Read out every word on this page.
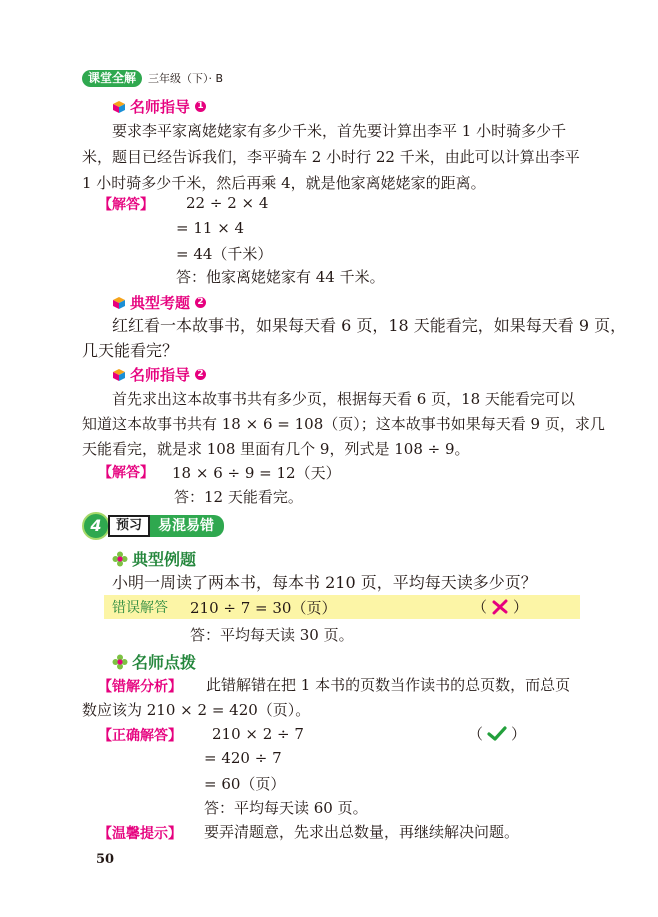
课堂全解	三年级（下）· B
名师指导 1
要求李平家离姥姥家有多少千米，首先要计算出李平 1 小时骑多少千
米，题目已经告诉我们，李平骑车 2 小时行 22 千米，由此可以计算出李平
1 小时骑多少千米，然后再乘 4，就是他家离姥姥家的距离。
【解答】 22 ÷ 2 × 4
= 11 × 4
= 44（千米）
答：他家离姥姥家有 44 千米。
典型考题 2
红红看一本故事书，如果每天看 6 页，18 天能看完，如果每天看 9 页，
几天能看完？
名师指导 2
首先求出这本故事书共有多少页，根据每天看 6 页，18 天能看完可以
知道这本故事书共有 18 × 6 = 108（页）；这本故事书如果每天看 9 页，求几
天能看完，就是求 108 里面有几个 9，列式是 108 ÷ 9。
【解答】 18 × 6 ÷ 9 = 12（天）
答：12 天能看完。
4	预习	易混易错
典型例题
小明一周读了两本书，每本书 210 页，平均每天读多少页？
错误解答 210 ÷ 7 = 30（页）	（ ）
答：平均每天读 30 页。
名师点拨
【错解分析】 此错解错在把 1 本书的页数当作读书的总页数，而总页
数应该为 210 × 2 = 420（页）。
【正确解答】 210 × 2 ÷ 7	（ ）
= 420 ÷ 7
= 60（页）
答：平均每天读 60 页。
【温馨提示】 要弄清题意，先求出总数量，再继续解决问题。
50
